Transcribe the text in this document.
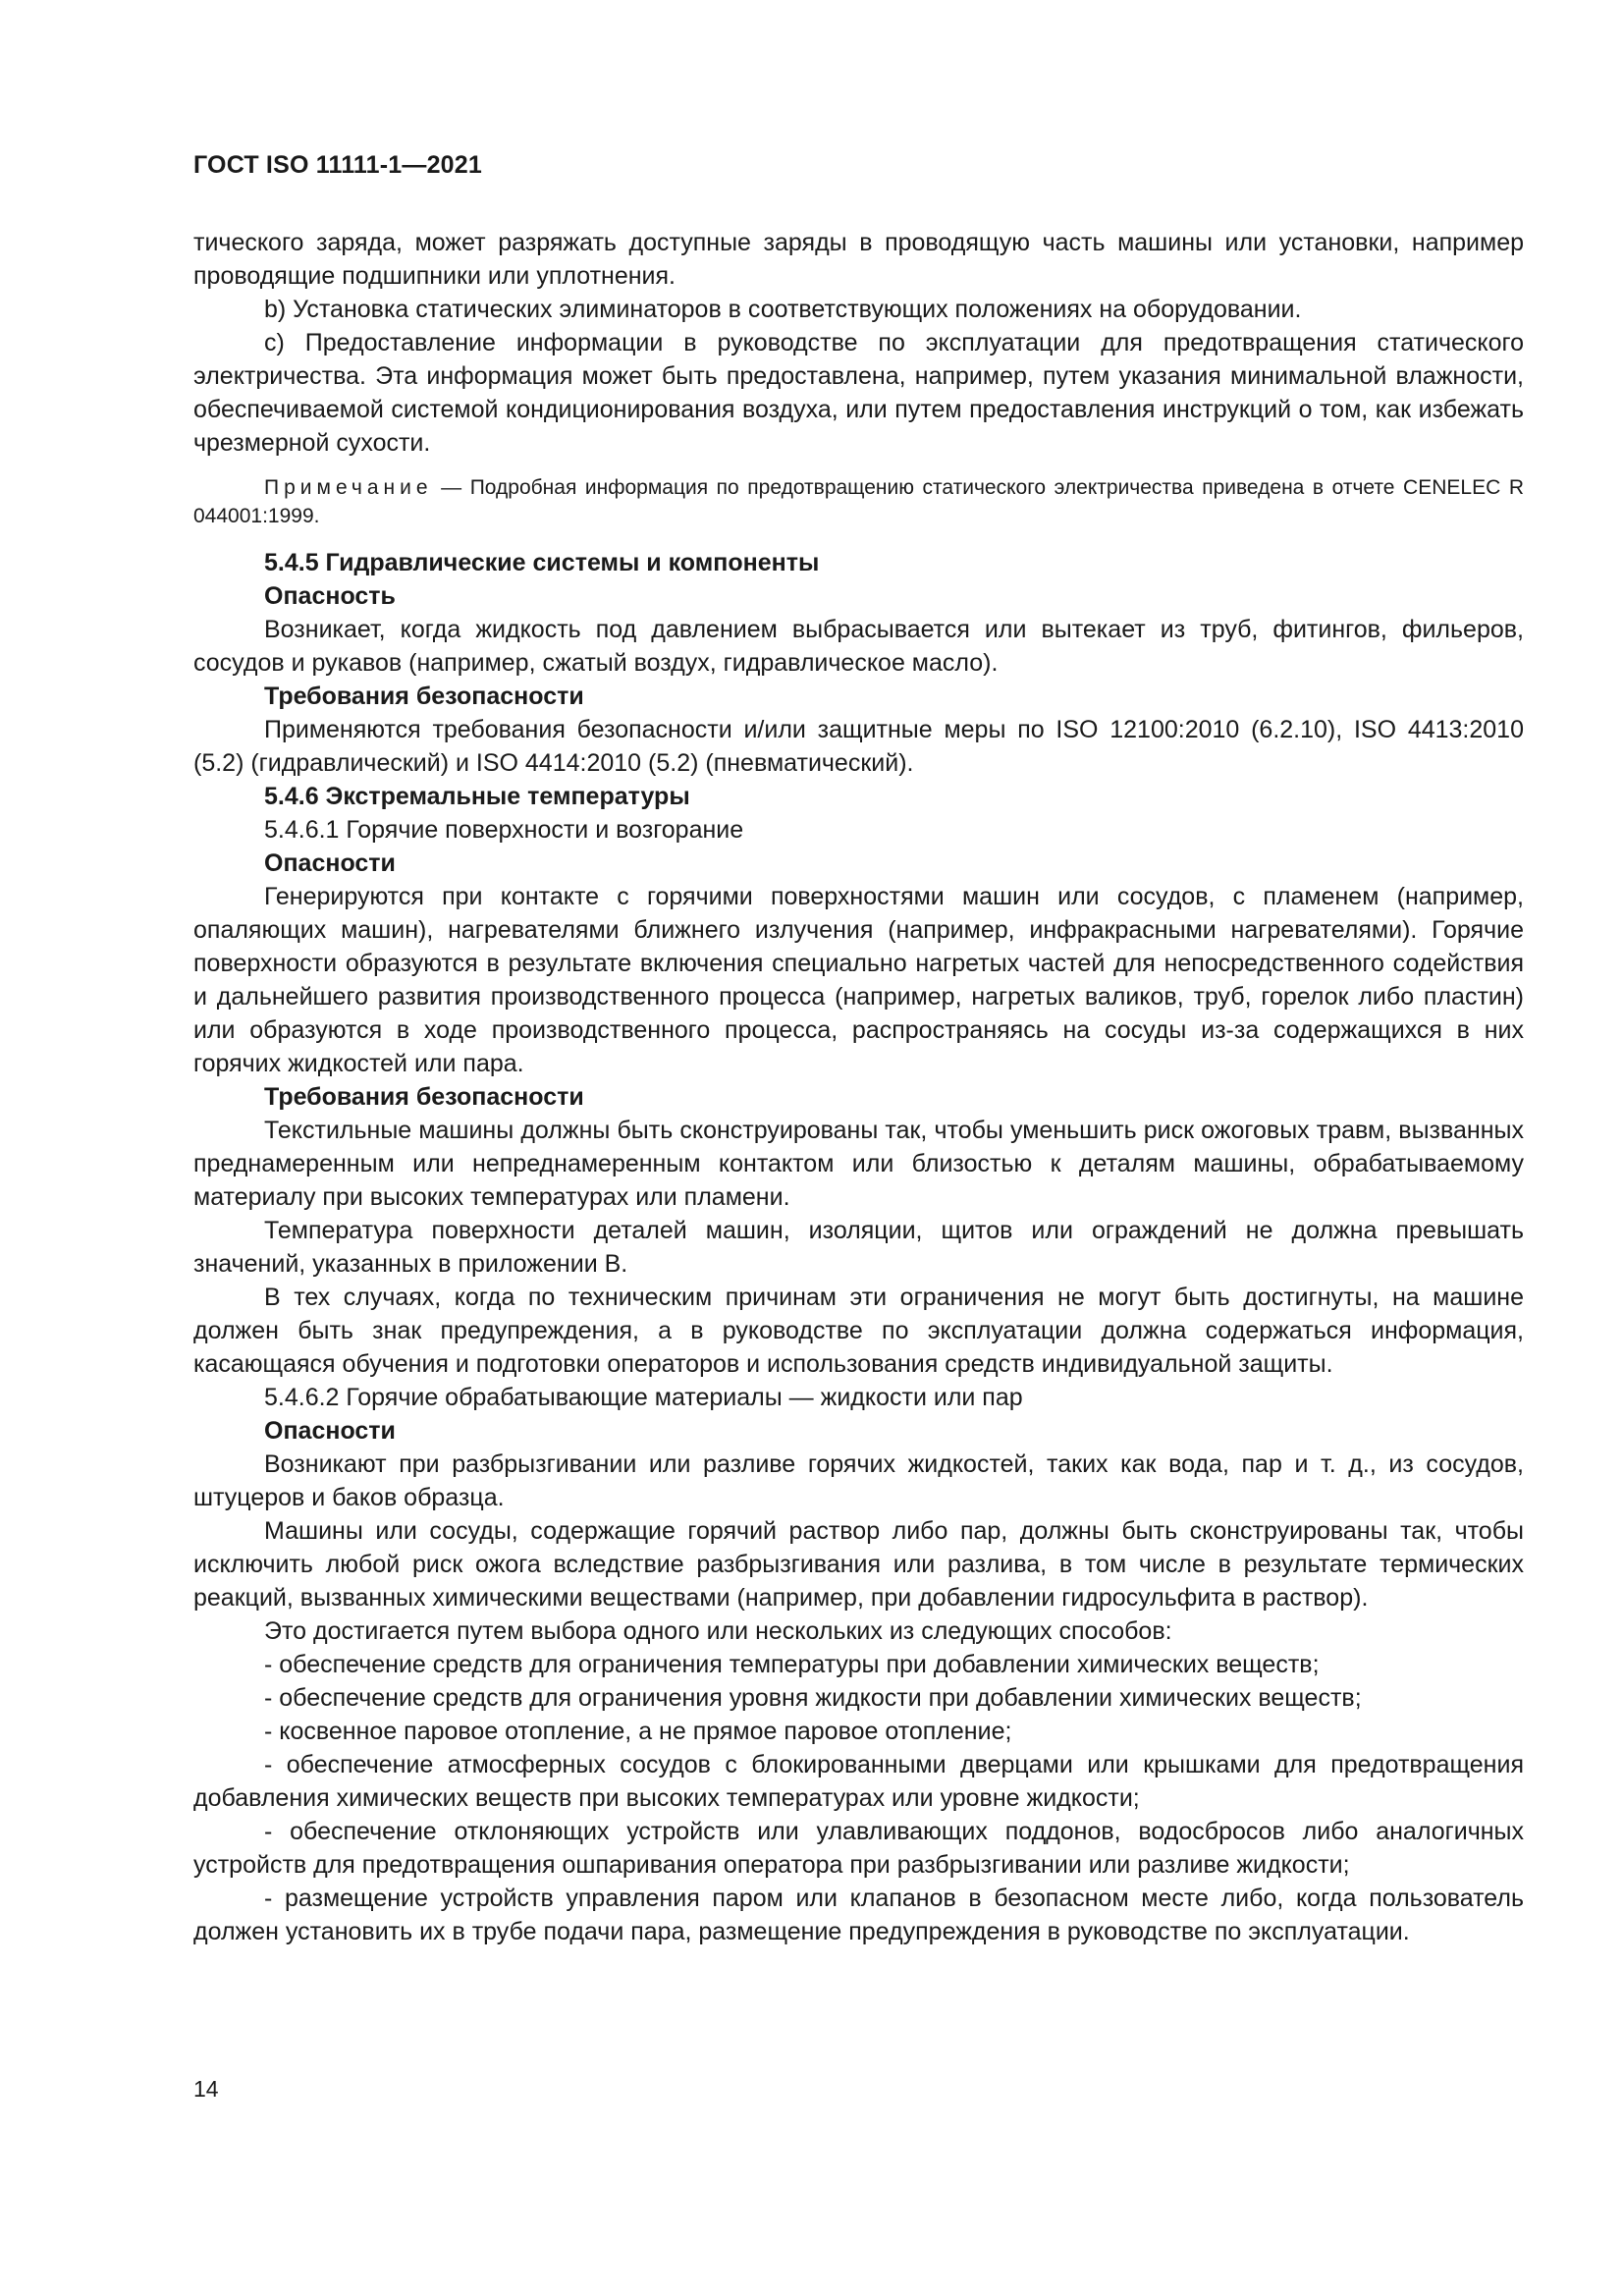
ГОСТ ISO 11111-1—2021

тического заряда, может разряжать доступные заряды в проводящую часть машины или установки, например проводящие подшипники или уплотнения.

b) Установка статических элиминаторов в соответствующих положениях на оборудовании.

c) Предоставление информации в руководстве по эксплуатации для предотвращения статического электричества. Эта информация может быть предоставлена, например, путем указания минимальной влажности, обеспечиваемой системой кондиционирования воздуха, или путем предоставления инструкций о том, как избежать чрезмерной сухости.

Примечание — Подробная информация по предотвращению статического электричества приведена в отчете CENELEC R 044001:1999.

5.4.5 Гидравлические системы и компоненты

Опасность

Возникает, когда жидкость под давлением выбрасывается или вытекает из труб, фитингов, фильеров, сосудов и рукавов (например, сжатый воздух, гидравлическое масло).

Требования безопасности

Применяются требования безопасности и/или защитные меры по ISO 12100:2010 (6.2.10), ISO 4413:2010 (5.2) (гидравлический) и ISO 4414:2010 (5.2) (пневматический).

5.4.6 Экстремальные температуры

5.4.6.1 Горячие поверхности и возгорание

Опасности

Генерируются при контакте с горячими поверхностями машин или сосудов, с пламенем (например, опаляющих машин), нагревателями ближнего излучения (например, инфракрасными нагревателями). Горячие поверхности образуются в результате включения специально нагретых частей для непосредственного содействия и дальнейшего развития производственного процесса (например, нагретых валиков, труб, горелок либо пластин) или образуются в ходе производственного процесса, распространяясь на сосуды из-за содержащихся в них горячих жидкостей или пара.

Требования безопасности

Текстильные машины должны быть сконструированы так, чтобы уменьшить риск ожоговых травм, вызванных преднамеренным или непреднамеренным контактом или близостью к деталям машины, обрабатываемому материалу при высоких температурах или пламени.

Температура поверхности деталей машин, изоляции, щитов или ограждений не должна превышать значений, указанных в приложении В.

В тех случаях, когда по техническим причинам эти ограничения не могут быть достигнуты, на машине должен быть знак предупреждения, а в руководстве по эксплуатации должна содержаться информация, касающаяся обучения и подготовки операторов и использования средств индивидуальной защиты.

5.4.6.2 Горячие обрабатывающие материалы — жидкости или пар

Опасности

Возникают при разбрызгивании или разливе горячих жидкостей, таких как вода, пар и т. д., из сосудов, штуцеров и баков образца.

Машины или сосуды, содержащие горячий раствор либо пар, должны быть сконструированы так, чтобы исключить любой риск ожога вследствие разбрызгивания или разлива, в том числе в результате термических реакций, вызванных химическими веществами (например, при добавлении гидросульфита в раствор).

Это достигается путем выбора одного или нескольких из следующих способов:

- обеспечение средств для ограничения температуры при добавлении химических веществ;

- обеспечение средств для ограничения уровня жидкости при добавлении химических веществ;

- косвенное паровое отопление, а не прямое паровое отопление;

- обеспечение атмосферных сосудов с блокированными дверцами или крышками для предотвращения добавления химических веществ при высоких температурах или уровне жидкости;

- обеспечение отклоняющих устройств или улавливающих поддонов, водосбросов либо аналогичных устройств для предотвращения ошпаривания оператора при разбрызгивании или разливе жидкости;

- размещение устройств управления паром или клапанов в безопасном месте либо, когда пользователь должен установить их в трубе подачи пара, размещение предупреждения в руководстве по эксплуатации.

14
